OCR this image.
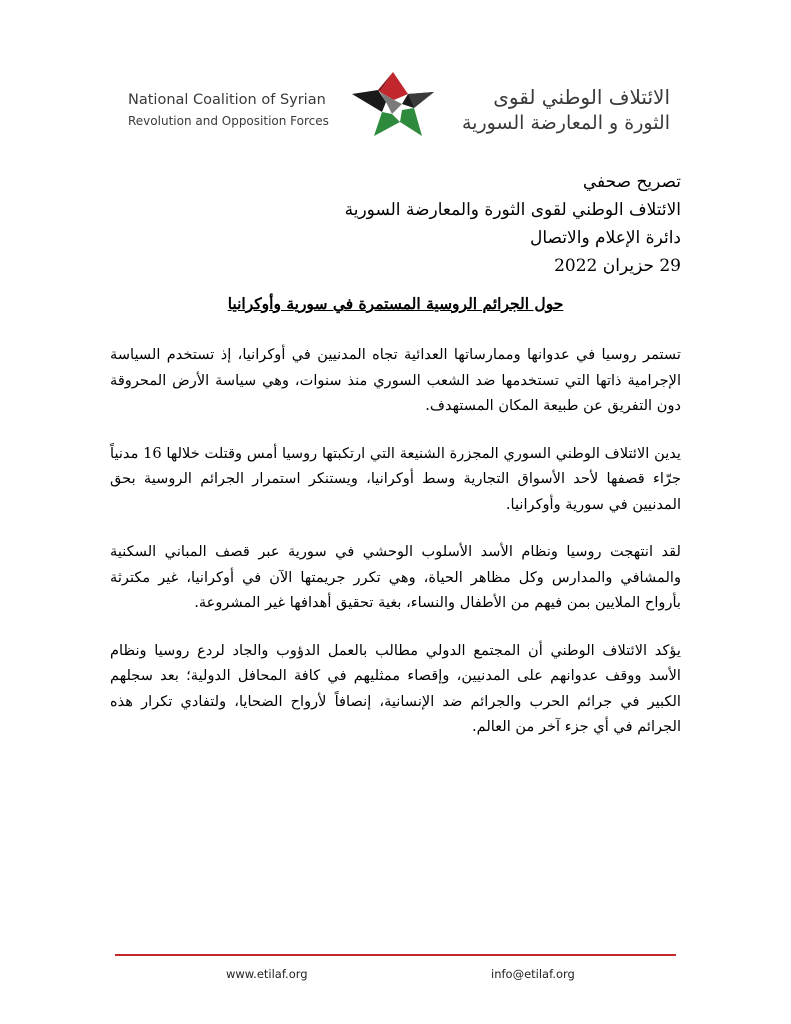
National Coalition of Syrian
Revolution and Opposition Forces
الائتلاف الوطني لقوى
الثورة و المعارضة السورية
تصريح صحفي
الائتلاف الوطني لقوى الثورة والمعارضة السورية
دائرة الإعلام والاتصال
29 حزيران 2022
حول الجرائم الروسية المستمرة في سورية وأوكرانيا

تستمر روسيا في عدوانها وممارساتها العدائية تجاه المدنيين في أوكرانيا، إذ تستخدم السياسة الإجرامية ذاتها التي تستخدمها ضد الشعب السوري منذ سنوات، وهي سياسة الأرض المحروقة دون التفريق عن طبيعة المكان المستهدف.

يدين الائتلاف الوطني السوري المجزرة الشنيعة التي ارتكبتها روسيا أمس وقتلت خلالها 16 مدنياً جرّاء قصفها لأحد الأسواق التجارية وسط أوكرانيا، ويستنكر استمرار الجرائم الروسية بحق المدنيين في سورية وأوكرانيا.

لقد انتهجت روسيا ونظام الأسد الأسلوب الوحشي في سورية عبر قصف المباني السكنية والمشافي والمدارس وكل مظاهر الحياة، وهي تكرر جريمتها الآن في أوكرانيا، غير مكترثة بأرواح الملايين بمن فيهم من الأطفال والنساء، بغية تحقيق أهدافها غير المشروعة.

يؤكد الائتلاف الوطني أن المجتمع الدولي مطالب بالعمل الدؤوب والجاد لردع روسيا ونظام الأسد ووقف عدوانهم على المدنيين، وإقصاء ممثليهم في كافة المحافل الدولية؛ بعد سجلهم الكبير في جرائم الحرب والجرائم ضد الإنسانية، إنصافاً لأرواح الضحايا، ولتفادي تكرار هذه الجرائم في أي جزء آخر من العالم.

www.etilaf.org	info@etilaf.org
